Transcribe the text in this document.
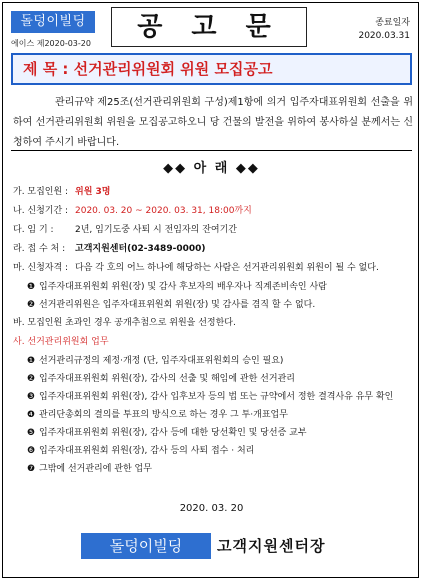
돌덩이빌딩
에이스 제2020-03-20
공 고 문	종료일자
2020.03.31
제 목 : 선거관리위원회 위원 모집공고
관리규약 제25조(선거관리위원회 구성)제1항에 의거 입주자대표위원회 선출을 위하여 선거관리위원회 위원을 모집공고하오니 당 건물의 발전을 위하여 봉사하실 분께서는 신청하여 주시기 바랍니다.
◆◆ 아 래 ◆◆
가. 모집인원 : 위원 3명
나. 신청기간 : 2020. 03. 20 ~ 2020. 03. 31, 18:00까지
다. 임 기 :	2년, 임기도중 사퇴 시 전임자의 잔여기간
라. 접 수 처 :	고객지원센터(02-3489-0000)
마. 신청자격 : 다음 각 호의 어느 하나에 해당하는 사람은 선거관리위원회 위원이 될 수 없다.
❶ 입주자대표위원회 위원(장) 및 감사 후보자의 배우자나 직계존비속인 사람
❷ 선거관리위원은 입주자대표위원회 위원(장) 및 감사를 겸직 할 수 없다.
바. 모집인원 초과인 경우 공개추첨으로 위원을 선정한다.
사. 선거관리위원회 업무
❶ 선거관리규정의 제정·개정 (단, 입주자대표위원회의 승인 필요)
❷ 입주자대표위원회 위원(장), 감사의 선출 및 해임에 관한 선거관리
❸ 입주자대표위원회 위원(장), 감사 입후보자 등의 법 또는 규약에서 정한 결격사유 유무 확인
❹ 관리단총회의 결의를 투표의 방식으로 하는 경우 그 투·개표업무
❺ 입주자대표위원회 위원(장), 감사 등에 대한 당선확인 및 당선증 교부
❻ 입주자대표위원회 위원(장), 감사 등의 사퇴 접수 · 처리
❼ 그밖에 선거관리에 관한 업무
2020. 03. 20
돌덩이빌딩	고객지원센터장
